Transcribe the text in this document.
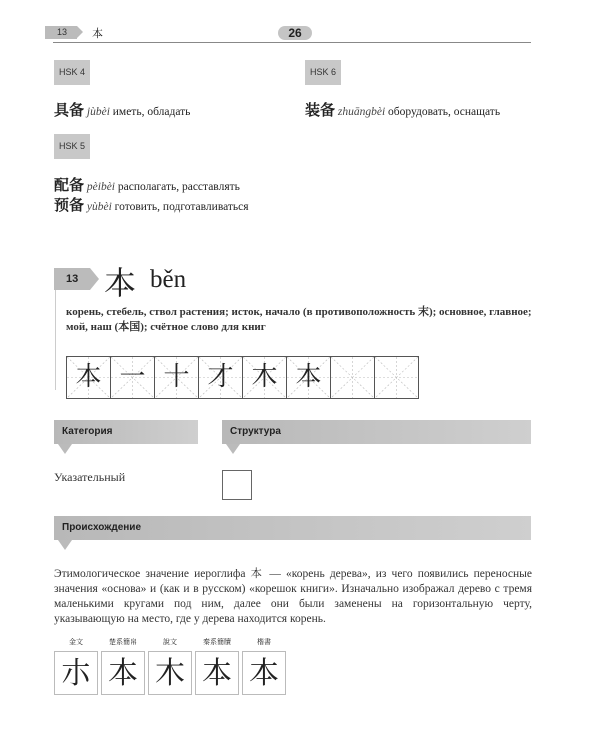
13	本	26
HSK 4
具备 jùbèi иметь, обладать
HSK 6
装备 zhuāngbèi оборудовать, оснащать
HSK 5
配备 pèibèi располагать, расставлять
预备 yùbèi готовить, подготавливаться
13 本 běn
корень, стебель, ствол растения; исток, начало (в противоположность 末); основное, главное; мой, наш (本国); счётное слово для книг
本 一 十 才 木 本
Категория	Структура
Указательный
Происхождение
Этимологическое значение иероглифа 本 — «корень дерева», из чего появились переносные значения «основа» и (как и в русском) «корешок книги». Изначально изображал дерево с тремя маленькими кругами под ним, далее они были заменены на горизонтальную черту, указывающую на место, где у дерева находится корень.
金文
朩
楚系簡帛
本
說文
木
秦系簡牘
本
楷書
本
